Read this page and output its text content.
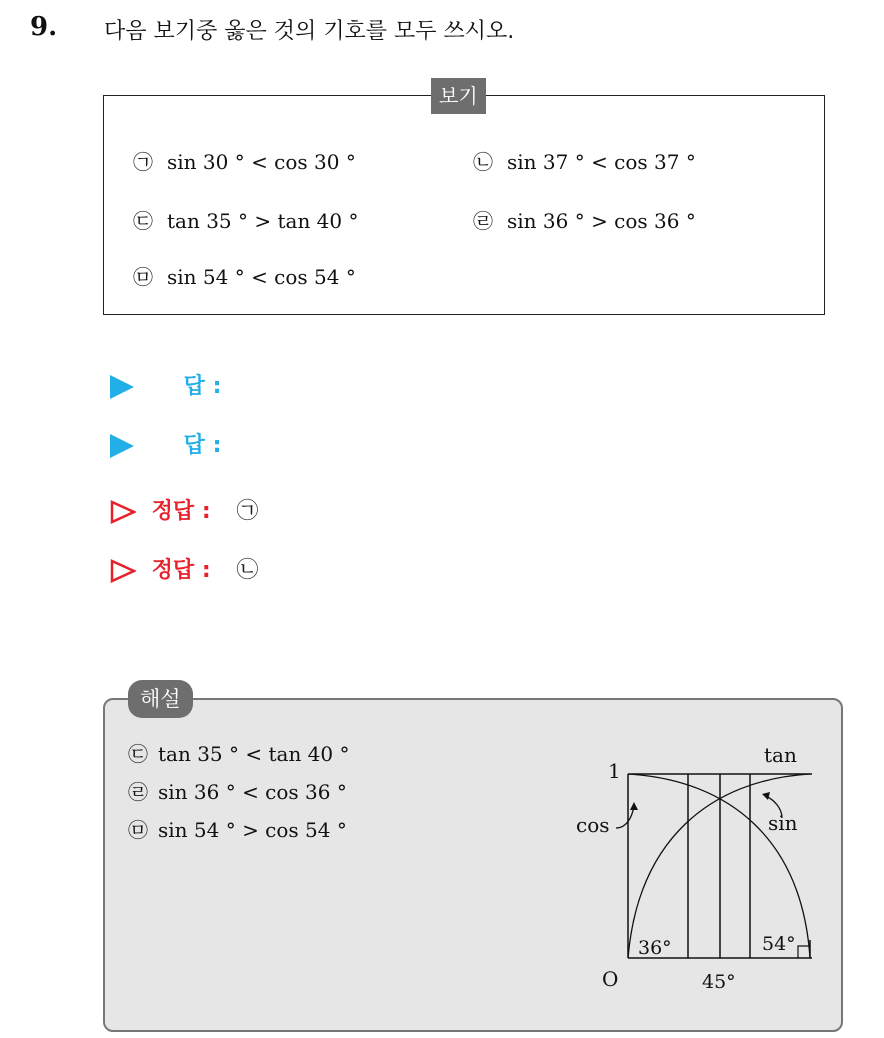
9. 다음 보기중 옳은 것의 기호를 모두 쓰시오.
보기
㉠ sin 30 ° < cos 30 °	㉡ sin 37 ° < cos 37 °
㉢ tan 35 ° > tan 40 °	㉣ sin 36 ° > cos 36 °
㉤ sin 54 ° < cos 54 °
답 :
답 :
정답 : ㉠
정답 : ㉡
해설
㉢ tan 35 ° < tan 40 °
㉣ sin 36 ° < cos 36 °
㉤ sin 54 ° > cos 54 °
1
cos	sin
tan
O
36°
45°
54°
